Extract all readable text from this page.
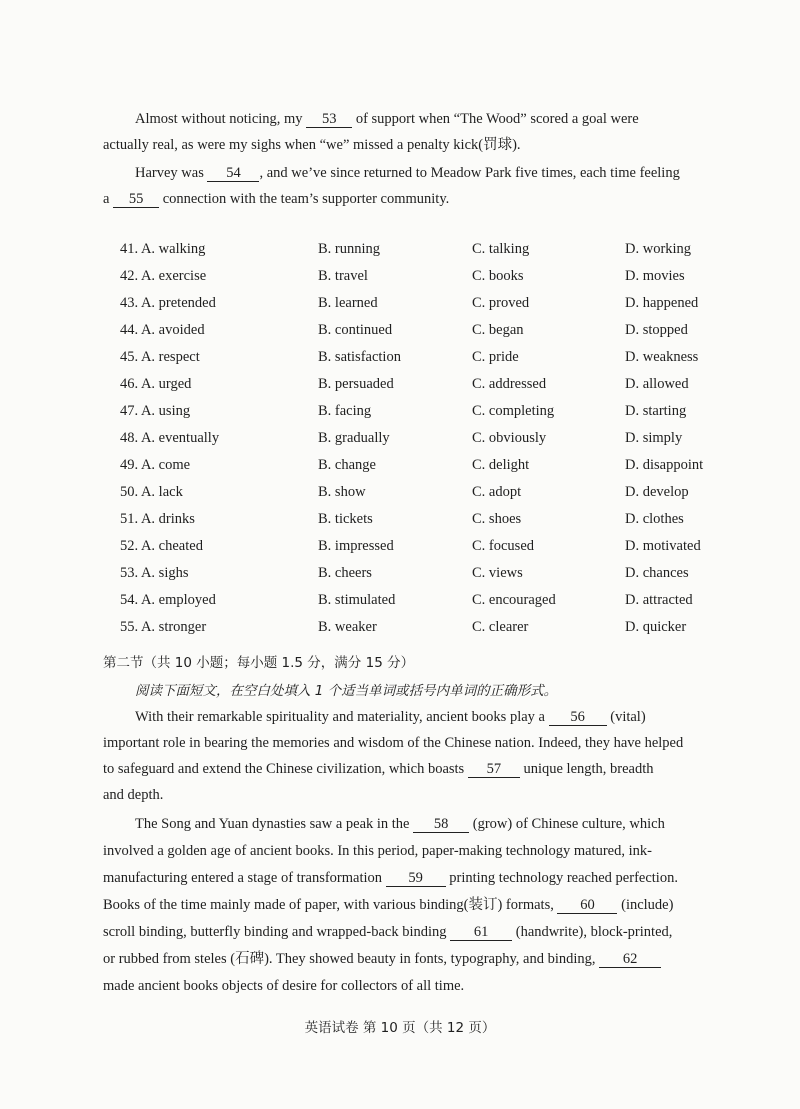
Almost without noticing, my 53 of support when “The Wood” scored a goal were

actually real, as were my sighs when “we” missed a penalty kick(罚球).

Harvey was 54 , and we’ve since returned to Meadow Park five times, each time feeling

a 55 connection with the team’s supporter community.

41. A. walking	B. running	C. talking	D. working
42. A. exercise	B. travel	C. books	D. movies
43. A. pretended	B. learned	C. proved	D. happened
44. A. avoided	B. continued	C. began	D. stopped
45. A. respect	B. satisfaction	C. pride	D. weakness
46. A. urged	B. persuaded	C. addressed	D. allowed
47. A. using	B. facing	C. completing	D. starting
48. A. eventually	B. gradually	C. obviously	D. simply
49. A. come	B. change	C. delight	D. disappoint
50. A. lack	B. show	C. adopt	D. develop
51. A. drinks	B. tickets	C. shoes	D. clothes
52. A. cheated	B. impressed	C. focused	D. motivated
53. A. sighs	B. cheers	C. views	D. chances
54. A. employed	B. stimulated	C. encouraged	D. attracted
55. A. stronger	B. weaker	C. clearer	D. quicker
第二节（共 10 小题；每小题 1.5 分，满分 15 分）
阅读下面短文，在空白处填入 1 个适当单词或括号内单词的正确形式。

With their remarkable spirituality and materiality, ancient books play a 56 (vital)

important role in bearing the memories and wisdom of the Chinese nation. Indeed, they have helped

to safeguard and extend the Chinese civilization, which boasts 57 unique length, breadth

and depth.

The Song and Yuan dynasties saw a peak in the 58 (grow) of Chinese culture, which

involved a golden age of ancient books. In this period, paper-making technology matured, ink-

manufacturing entered a stage of transformation 59 printing technology reached perfection.

Books of the time mainly made of paper, with various binding(装订) formats, 60 (include)

scroll binding, butterfly binding and wrapped-back binding 61 (handwrite), block-printed,

or rubbed from steles (石碑). They showed beauty in fonts, typography, and binding, 62

made ancient books objects of desire for collectors of all time.

英语试卷 第 10 页（共 12 页）
